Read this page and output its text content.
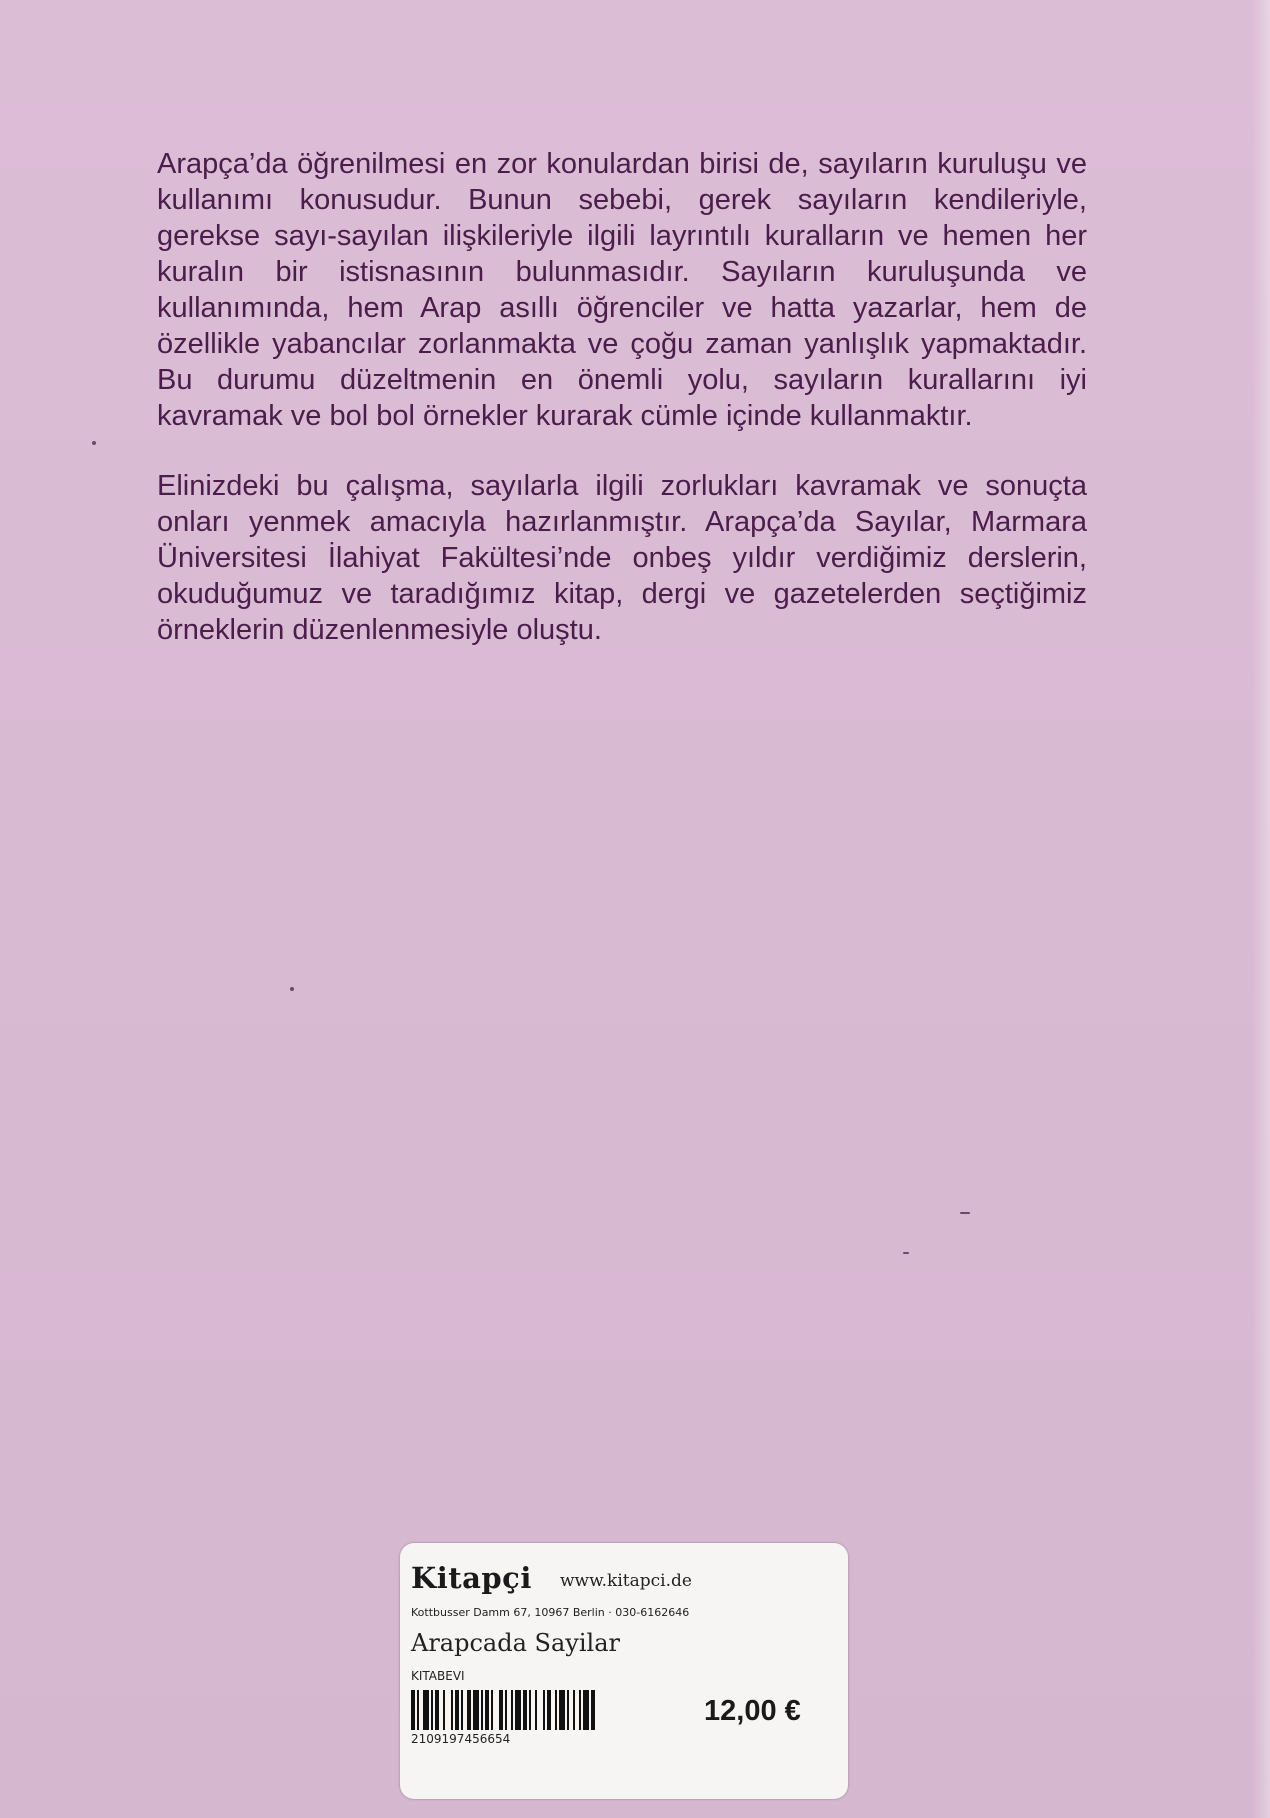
Arapça’da öğrenilmesi en zor konulardan birisi de, sayıların kuruluşu ve kullanımı konusudur. Bunun sebebi, gerek sayıların kendileriyle, gerekse sayı-sayılan ilişkileriyle ilgili layrıntılı kuralların ve hemen her kuralın bir istisnasının bulunmasıdır. Sayıların kuruluşunda ve kullanımında, hem Arap asıllı öğrenciler ve hatta yazarlar, hem de özellikle yabancılar zorlanmakta ve çoğu zaman yanlışlık yapmaktadır. Bu durumu düzeltmenin en önemli yolu, sayıların kurallarını iyi kavramak ve bol bol örnekler kurarak cümle içinde kullanmaktır.

Elinizdeki bu çalışma, sayılarla ilgili zorlukları kavramak ve sonuçta onları yenmek amacıyla hazırlanmıştır. Arapça’da Sayılar, Marmara Üniversitesi İlahiyat Fakültesi’nde onbeş yıldır verdiğimiz derslerin, okuduğumuz ve taradığımız kitap, dergi ve gazetelerden seçtiğimiz örneklerin düzenlenmesiyle oluştu.

Kitapçi www.kitapci.de
Kottbusser Damm 67, 10967 Berlin · 030-6162646
Arapcada Sayilar
KITABEVI
2109197456654
12,00 €
